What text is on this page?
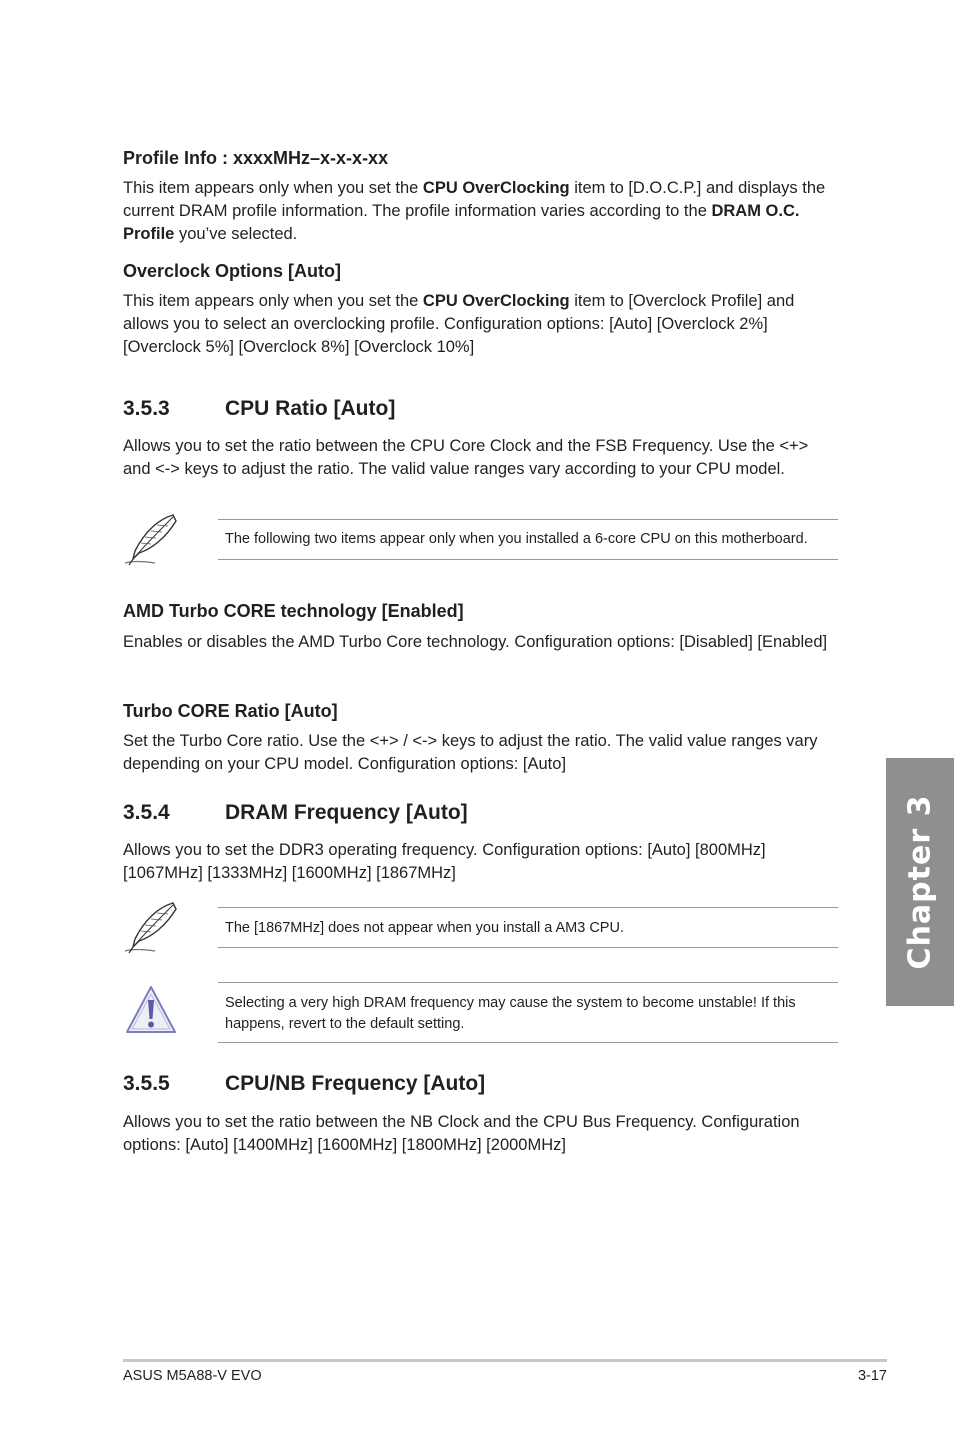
Profile Info : xxxxMHz–x-x-x-xx

This item appears only when you set the CPU OverClocking item to [D.O.C.P.] and displays the current DRAM profile information. The profile information varies according to the DRAM O.C. Profile you’ve selected.

Overclock Options [Auto]

This item appears only when you set the CPU OverClocking item to [Overclock Profile] and allows you to select an overclocking profile. Configuration options: [Auto] [Overclock 2%] [Overclock 5%] [Overclock 8%] [Overclock 10%]

3.5.3	CPU Ratio [Auto]

Allows you to set the ratio between the CPU Core Clock and the FSB Frequency. Use the <+> and <-> keys to adjust the ratio. The valid value ranges vary according to your CPU model.

The following two items appear only when you installed a 6-core CPU on this motherboard.
AMD Turbo CORE technology [Enabled]

Enables or disables the AMD Turbo Core technology. Configuration options: [Disabled] [Enabled]

Turbo CORE Ratio [Auto]

Set the Turbo Core ratio. Use the <+> / <-> keys to adjust the ratio. The valid value ranges vary depending on your CPU model. Configuration options: [Auto]

3.5.4	DRAM Frequency [Auto]

Allows you to set the DDR3 operating frequency. Configuration options: [Auto] [800MHz] [1067MHz] [1333MHz] [1600MHz] [1867MHz]

The [1867MHz] does not appear when you install a AM3 CPU.
Selecting a very high DRAM frequency may cause the system to become unstable! If this happens, revert to the default setting.
3.5.5	CPU/NB Frequency [Auto]

Allows you to set the ratio between the NB Clock and the CPU Bus Frequency. Configuration options: [Auto] [1400MHz] [1600MHz] [1800MHz] [2000MHz]

Chapter 3
ASUS M5A88-V EVO	3-17
